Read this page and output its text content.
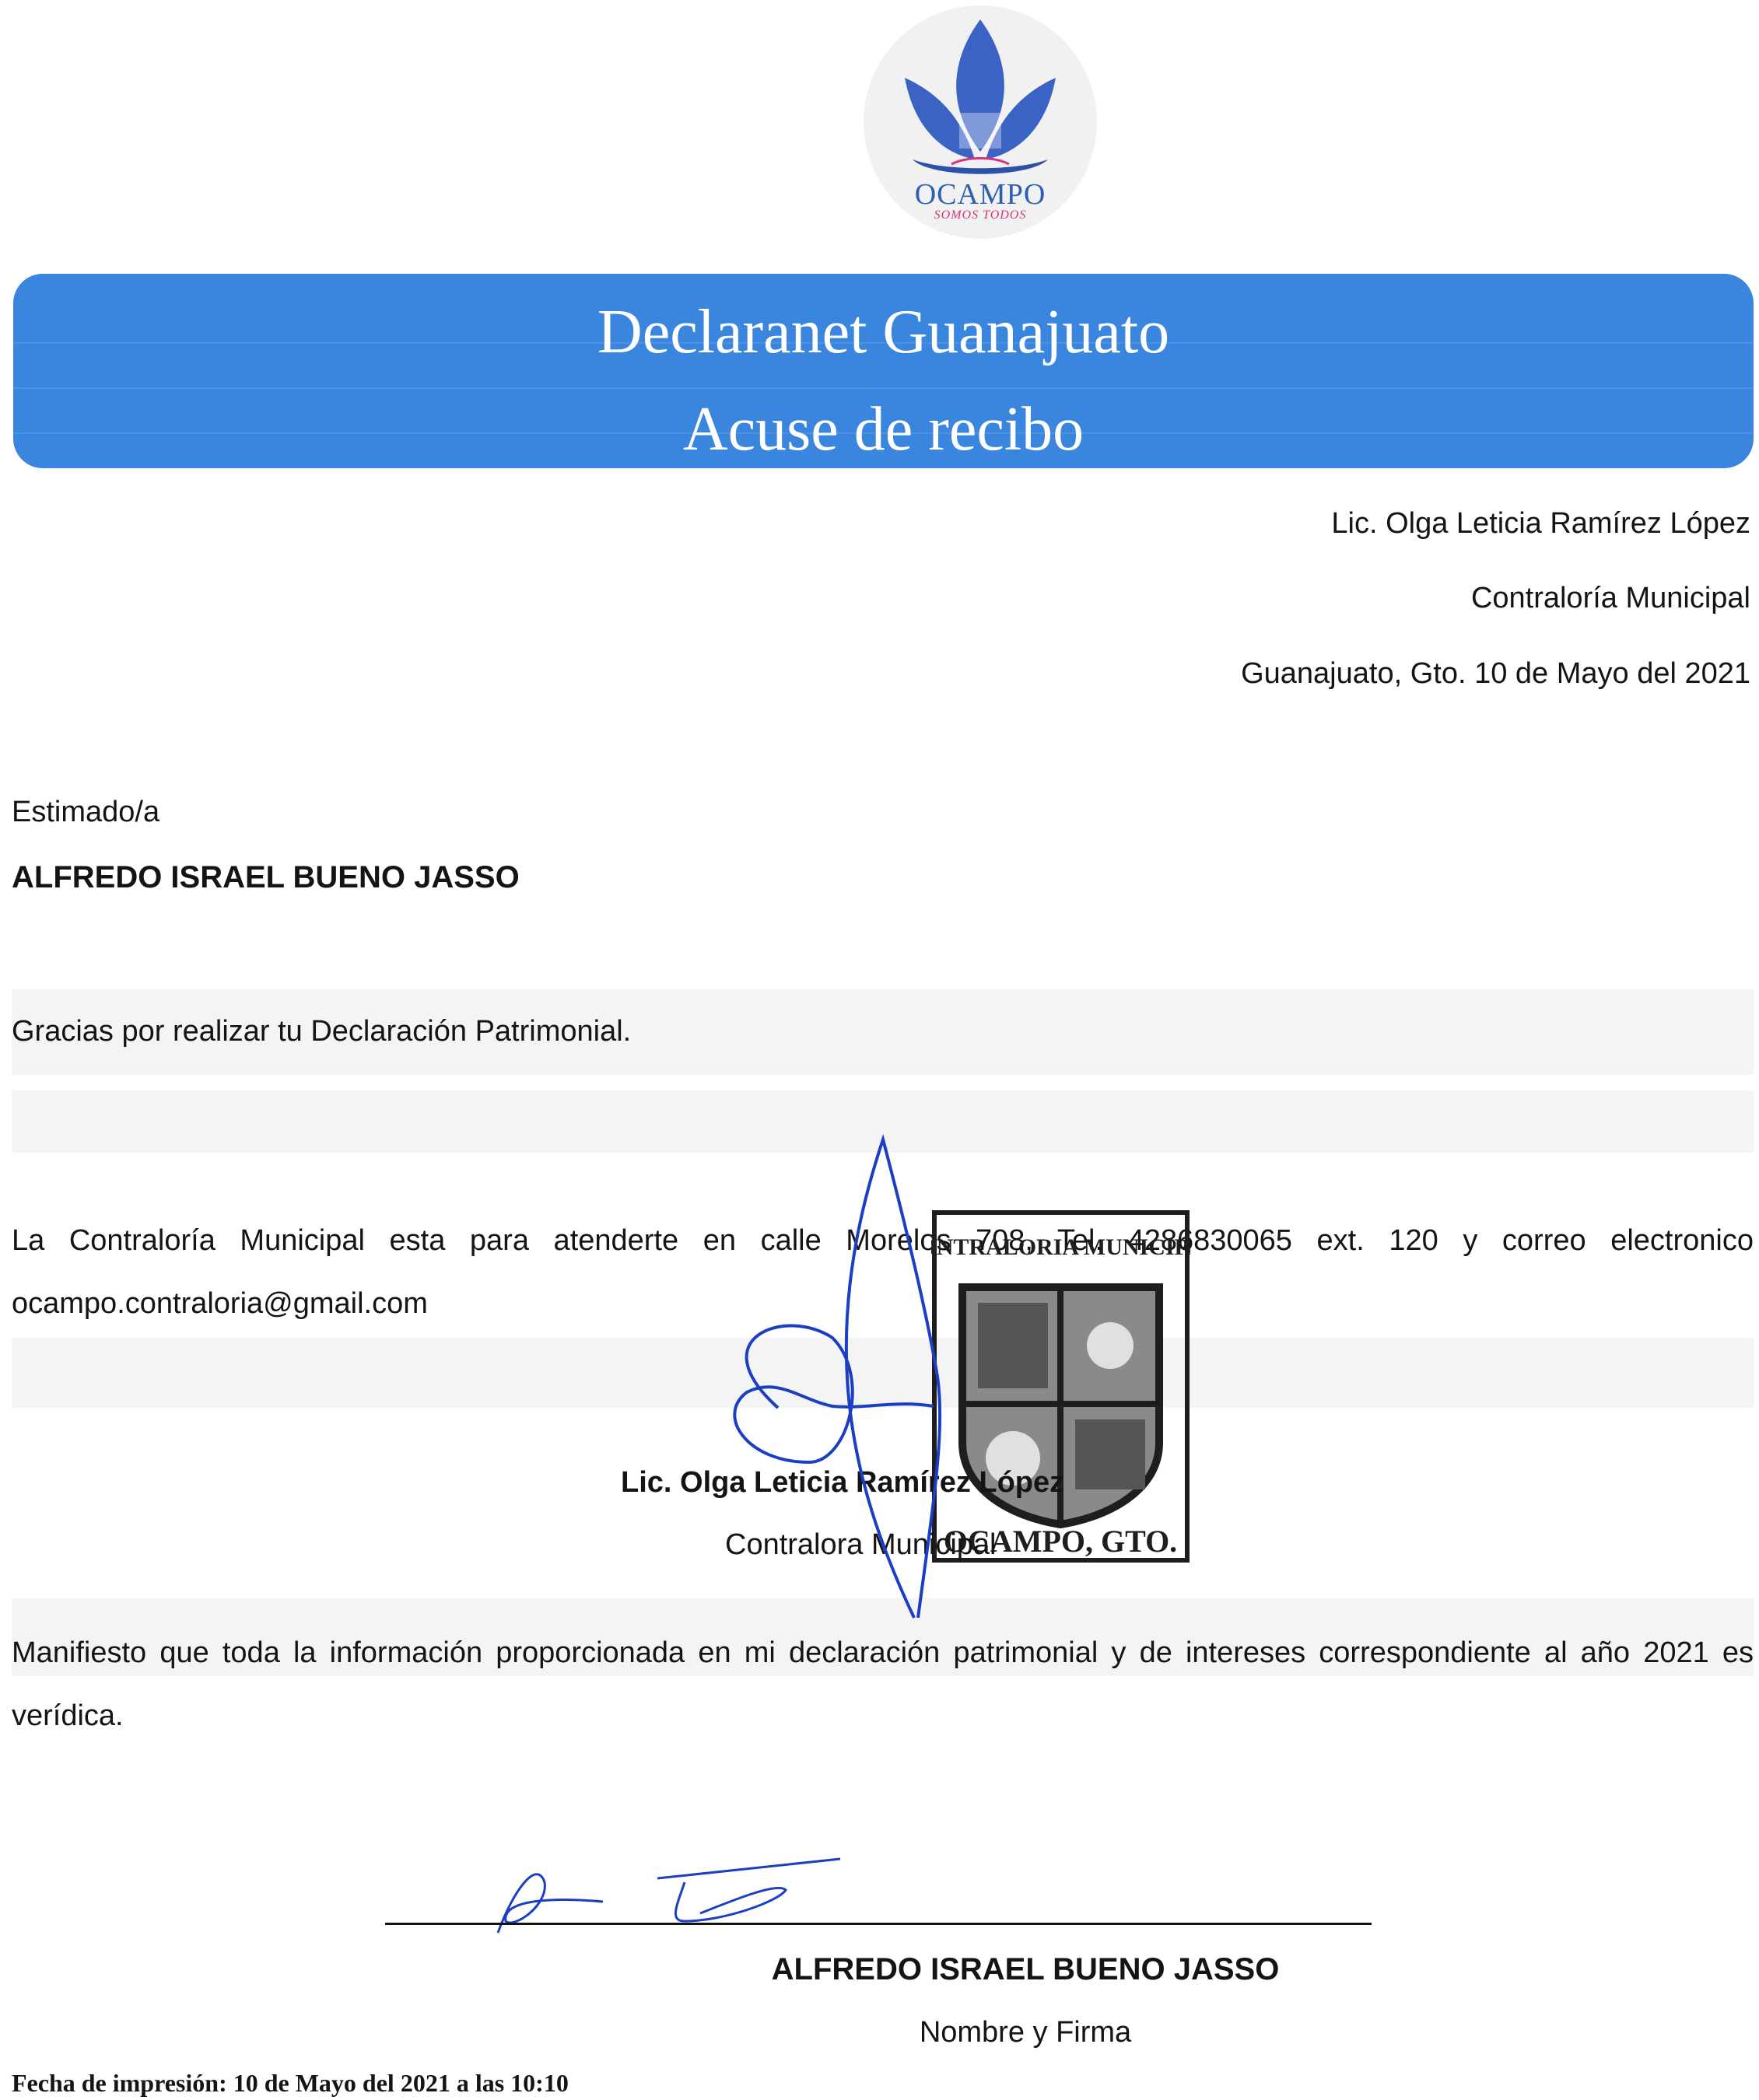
OCAMPO
SOMOS TODOS
Declaranet Guanajuato
Acuse de recibo
Lic. Olga Leticia Ramírez López
Contraloría Municipal
Guanajuato, Gto. 10 de Mayo del 2021
Estimado/a
ALFREDO ISRAEL BUENO JASSO
Gracias por realizar tu Declaración Patrimonial.
La Contraloría Municipal esta para atenderte en calle Morelos 708, Tel. 4286830065 ext. 120 y correo electronico ocampo.contraloria@gmail.com
NTRALORIA MUNICIP
OCAMPO, GTO.
Lic. Olga Leticia Ramírez López
Contralora Municipal
Manifiesto que toda la información proporcionada en mi declaración patrimonial y de intereses correspondiente al año 2021 es verídica.
ALFREDO ISRAEL BUENO JASSO
Nombre y Firma
Fecha de impresión: 10 de Mayo del 2021 a las 10:10
